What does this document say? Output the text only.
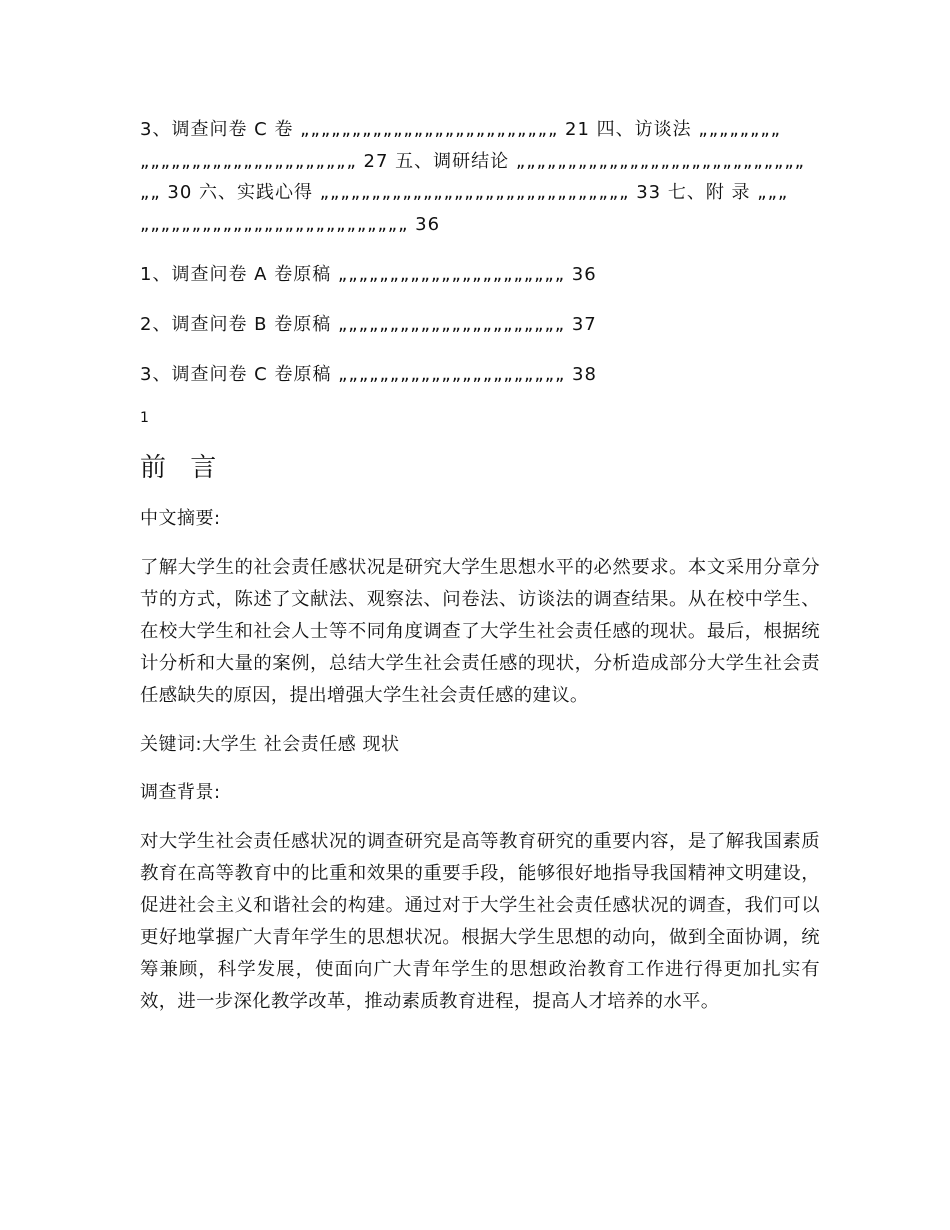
3、调查问卷 C 卷 „„„„„„„„„„„„„„„„„„„„„„„„„ 21 四、访谈法 „„„„„„„„ „„„„„„„„„„„„„„„„„„„„„ 27 五、调研结论 „„„„„„„„„„„„„„„„„„„„„„„„„„„„ „„ 30 六、实践心得 „„„„„„„„„„„„„„„„„„„„„„„„„„„„„„ 33 七、附 录 „„„ „„„„„„„„„„„„„„„„„„„„„„„„„„ 36

1、调查问卷 A 卷原稿 „„„„„„„„„„„„„„„„„„„„„„ 36
2、调查问卷 B 卷原稿 „„„„„„„„„„„„„„„„„„„„„„ 37
3、调查问卷 C 卷原稿 „„„„„„„„„„„„„„„„„„„„„„ 38
1
前 言
中文摘要:

了解大学生的社会责任感状况是研究大学生思想水平的必然要求。本文采用分章分节的方式，陈述了文献法、观察法、问卷法、访谈法的调查结果。从在校中学生、在校大学生和社会人士等不同角度调查了大学生社会责任感的现状。最后，根据统计分析和大量的案例，总结大学生社会责任感的现状，分析造成部分大学生社会责任感缺失的原因，提出增强大学生社会责任感的建议。

关键词:大学生 社会责任感 现状
调查背景:

对大学生社会责任感状况的调查研究是高等教育研究的重要内容，是了解我国素质教育在高等教育中的比重和效果的重要手段，能够很好地指导我国精神文明建设，促进社会主义和谐社会的构建。通过对于大学生社会责任感状况的调查，我们可以更好地掌握广大青年学生的思想状况。根据大学生思想的动向，做到全面协调，统筹兼顾，科学发展，使面向广大青年学生的思想政治教育工作进行得更加扎实有效，进一步深化教学改革，推动素质教育进程，提高人才培养的水平。
